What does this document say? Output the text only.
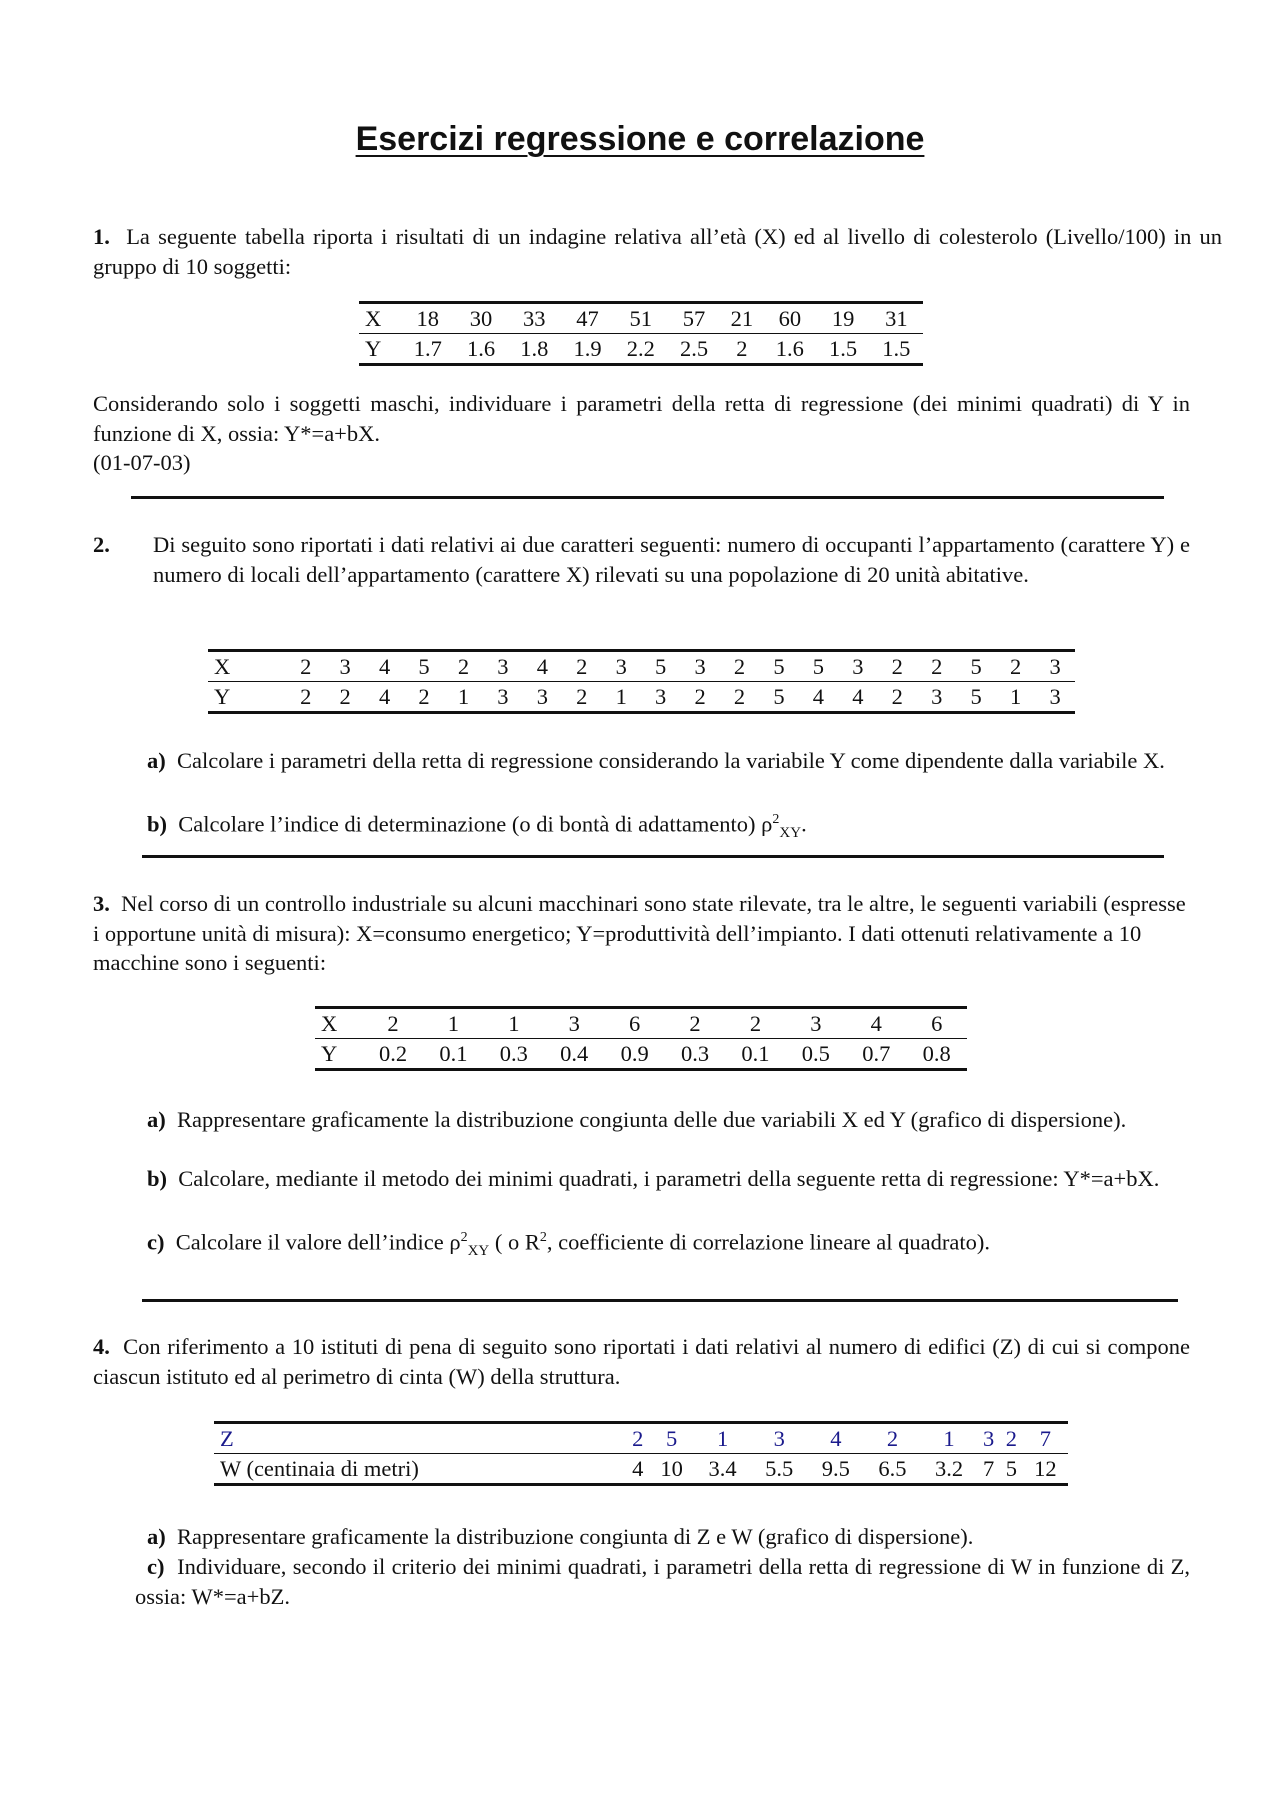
Esercizi regressione e correlazione
1. La seguente tabella riporta i risultati di un indagine relativa all’età (X) ed al livello di colesterolo (Livello/100) in un gruppo di 10 soggetti:
X	18	30	33	47	51	57	21	60	19	31
Y	1.7	1.6	1.8	1.9	2.2	2.5	2	1.6	1.5	1.5
Considerando solo i soggetti maschi, individuare i parametri della retta di regressione (dei minimi quadrati) di Y in funzione di X, ossia: Y*=a+bX.
(01-07-03)
2. Di seguito sono riportati i dati relativi ai due caratteri seguenti: numero di occupanti l’appartamento (carattere Y) e numero di locali dell’appartamento (carattere X) rilevati su una popolazione di 20 unità abitative.
X	2	3	4	5	2	3	4	2	3	5	3	2	5	5	3	2	2	5	2	3
Y	2	2	4	2	1	3	3	2	1	3	2	2	5	4	4	2	3	5	1	3
a) Calcolare i parametri della retta di regressione considerando la variabile Y come dipendente dalla variabile X.
b) Calcolare l’indice di determinazione (o di bontà di adattamento) $\rho^2_{XY}$.
3. Nel corso di un controllo industriale su alcuni macchinari sono state rilevate, tra le altre, le seguenti variabili (espresse i opportune unità di misura): X=consumo energetico; Y=produttività dell’impianto. I dati ottenuti relativamente a 10 macchine sono i seguenti:
X	2	1	1	3	6	2	2	3	4	6
Y	0.2	0.1	0.3	0.4	0.9	0.3	0.1	0.5	0.7	0.8
a) Rappresentare graficamente la distribuzione congiunta delle due variabili X ed Y (grafico di dispersione).
b) Calcolare, mediante il metodo dei minimi quadrati, i parametri della seguente retta di regressione: Y*=a+bX.
c) Calcolare il valore dell’indice $\rho^2_{XY}$ ( o $R^2$, coefficiente di correlazione lineare al quadrato).
4. Con riferimento a 10 istituti di pena di seguito sono riportati i dati relativi al numero di edifici (Z) di cui si compone ciascun istituto ed al perimetro di cinta (W) della struttura.
Z	2	5	1	3	4	2	1	3	2	7
W (centinaia di metri)	4	10	3.4	5.5	9.5	6.5	3.2	7	5	12
a) Rappresentare graficamente la distribuzione congiunta di Z e W (grafico di dispersione).
c) Individuare, secondo il criterio dei minimi quadrati, i parametri della retta di regressione di W in funzione di Z, ossia: W*=a+bZ.
